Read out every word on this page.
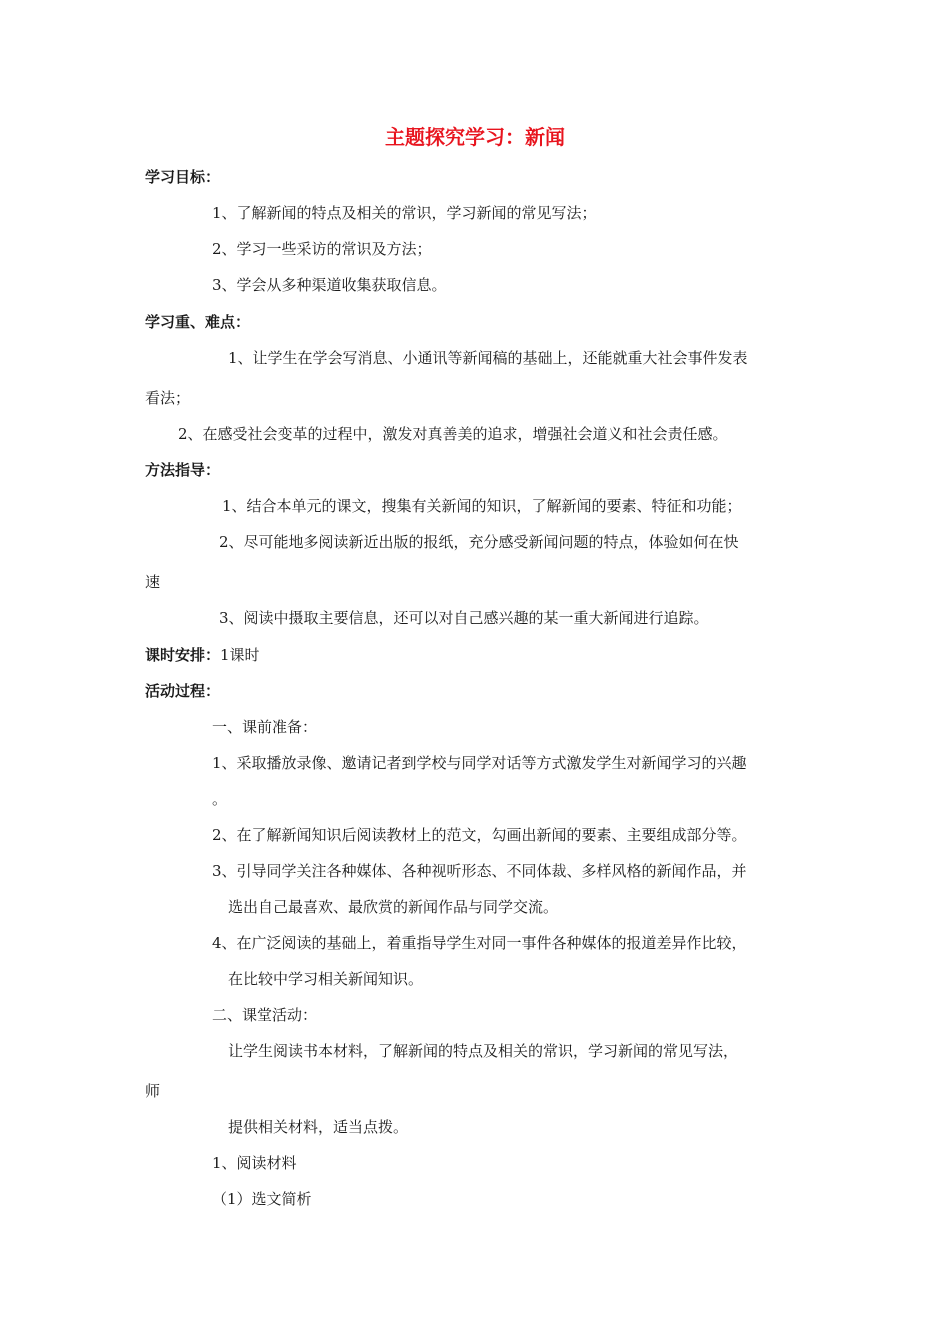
主题探究学习：新闻
学习目标：
1、了解新闻的特点及相关的常识，学习新闻的常见写法；
2、学习一些采访的常识及方法；
3、学会从多种渠道收集获取信息。
学习重、难点：
1、让学生在学会写消息、小通讯等新闻稿的基础上，还能就重大社会事件发表
看法；
2、在感受社会变革的过程中，激发对真善美的追求，增强社会道义和社会责任感。
方法指导：
1、结合本单元的课文，搜集有关新闻的知识，了解新闻的要素、特征和功能；
2、尽可能地多阅读新近出版的报纸，充分感受新闻问题的特点，体验如何在快
速
3、阅读中摄取主要信息，还可以对自己感兴趣的某一重大新闻进行追踪。
课时安排：1课时
活动过程：
一、课前准备：
1、采取播放录像、邀请记者到学校与同学对话等方式激发学生对新闻学习的兴趣
。
2、在了解新闻知识后阅读教材上的范文，勾画出新闻的要素、主要组成部分等。
3、引导同学关注各种媒体、各种视听形态、不同体裁、多样风格的新闻作品，并
选出自己最喜欢、最欣赏的新闻作品与同学交流。
4、在广泛阅读的基础上，着重指导学生对同一事件各种媒体的报道差异作比较，
在比较中学习相关新闻知识。
二、课堂活动：
让学生阅读书本材料，了解新闻的特点及相关的常识，学习新闻的常见写法，
师
提供相关材料，适当点拨。
1、阅读材料
（1）选文简析
